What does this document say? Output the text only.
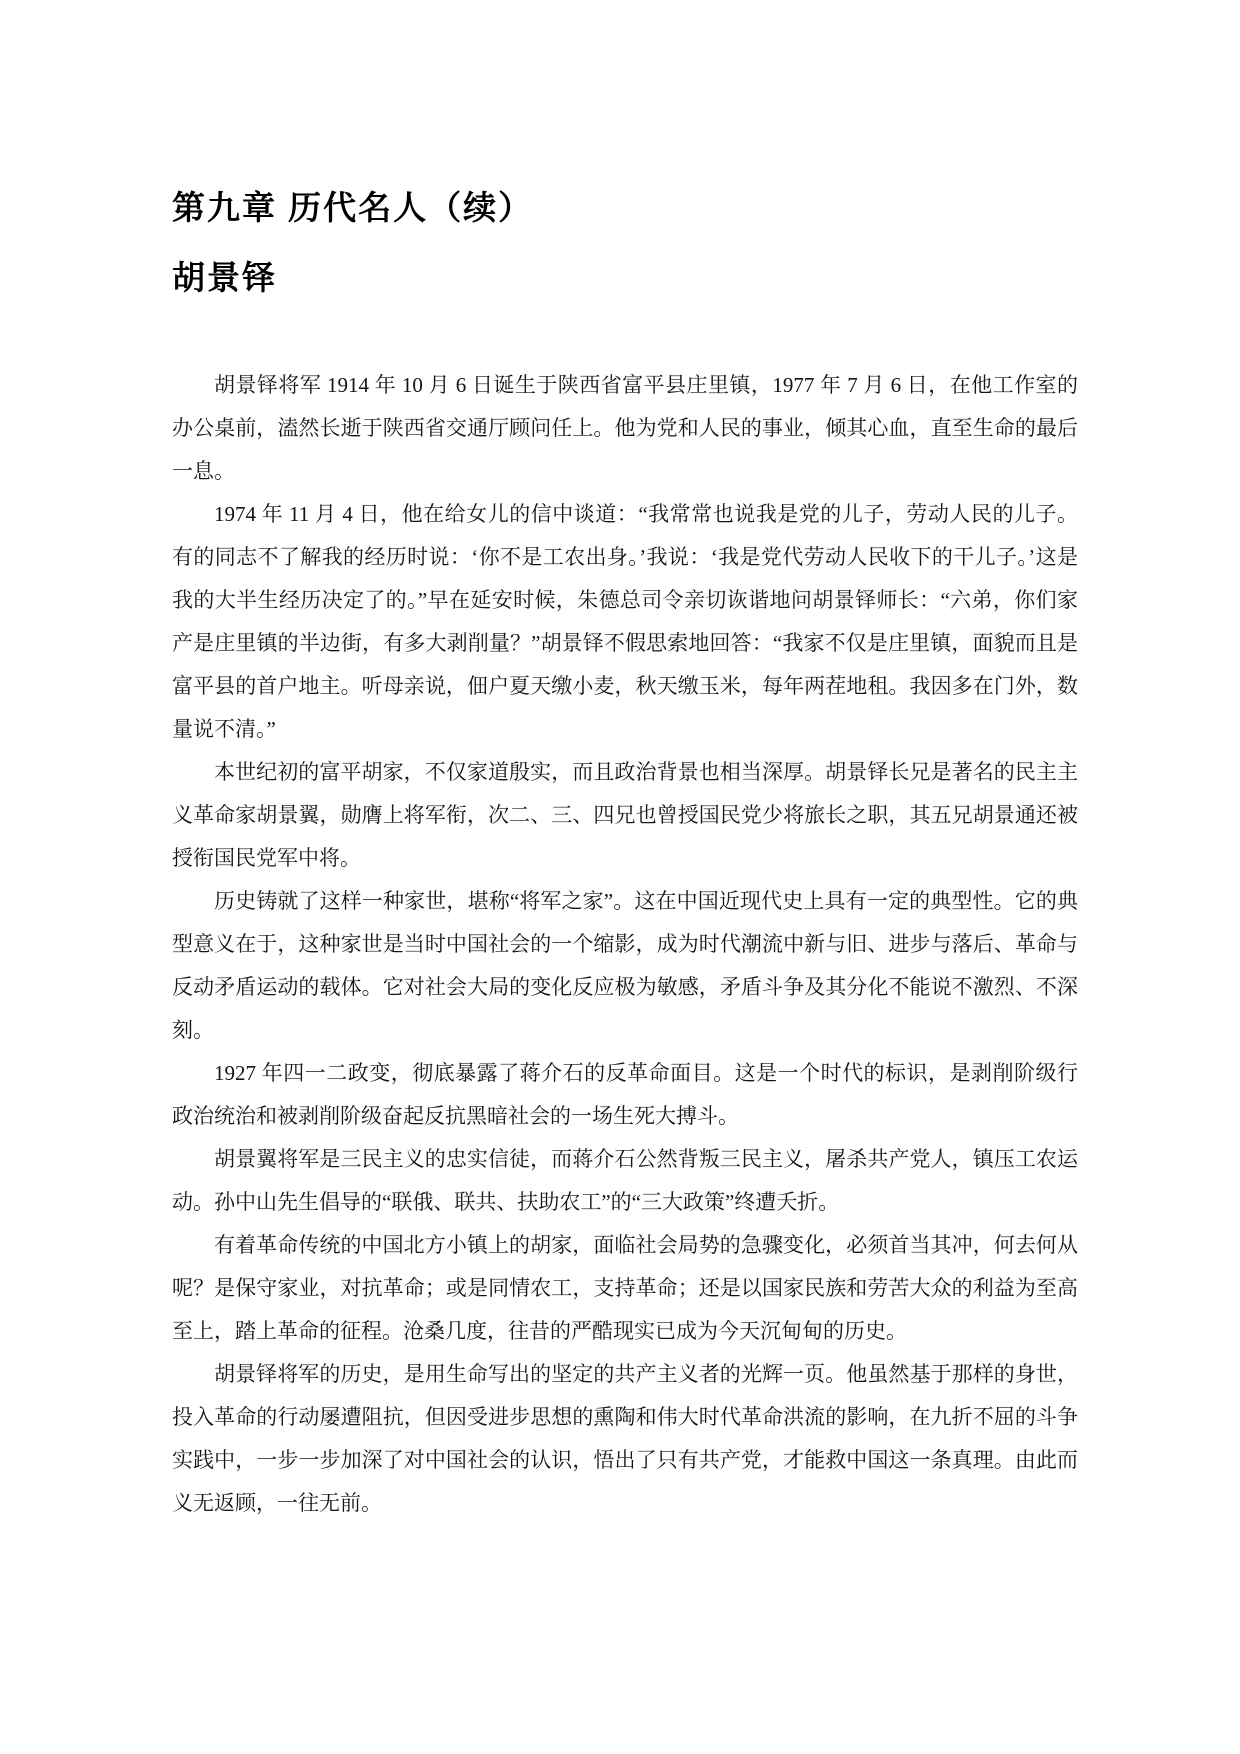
第九章 历代名人（续）
胡景铎

胡景铎将军 1914 年 10 月 6 日诞生于陕西省富平县庄里镇，1977 年 7 月 6 日，在他工作室的办公桌前，溘然长逝于陕西省交通厅顾问任上。他为党和人民的事业，倾其心血，直至生命的最后一息。

1974 年 11 月 4 日，他在给女儿的信中谈道：“我常常也说我是党的儿子，劳动人民的儿子。有的同志不了解我的经历时说：‘你不是工农出身。’我说：‘我是党代劳动人民收下的干儿子。’这是我的大半生经历决定了的。”早在延安时候，朱德总司令亲切诙谐地问胡景铎师长：“六弟，你们家产是庄里镇的半边街，有多大剥削量？”胡景铎不假思索地回答：“我家不仅是庄里镇，面貌而且是富平县的首户地主。听母亲说，佃户夏天缴小麦，秋天缴玉米，每年两茬地租。我因多在门外，数量说不清。”

本世纪初的富平胡家，不仅家道殷实，而且政治背景也相当深厚。胡景铎长兄是著名的民主主义革命家胡景翼，勋膺上将军衔，次二、三、四兄也曾授国民党少将旅长之职，其五兄胡景通还被授衔国民党军中将。

历史铸就了这样一种家世，堪称“将军之家”。这在中国近现代史上具有一定的典型性。它的典型意义在于，这种家世是当时中国社会的一个缩影，成为时代潮流中新与旧、进步与落后、革命与反动矛盾运动的载体。它对社会大局的变化反应极为敏感，矛盾斗争及其分化不能说不激烈、不深刻。

1927 年四一二政变，彻底暴露了蒋介石的反革命面目。这是一个时代的标识，是剥削阶级行政治统治和被剥削阶级奋起反抗黑暗社会的一场生死大搏斗。

胡景翼将军是三民主义的忠实信徒，而蒋介石公然背叛三民主义，屠杀共产党人，镇压工农运动。孙中山先生倡导的“联俄、联共、扶助农工”的“三大政策”终遭夭折。

有着革命传统的中国北方小镇上的胡家，面临社会局势的急骤变化，必须首当其冲，何去何从呢？是保守家业，对抗革命；或是同情农工，支持革命；还是以国家民族和劳苦大众的利益为至高至上，踏上革命的征程。沧桑几度，往昔的严酷现实已成为今天沉甸甸的历史。

胡景铎将军的历史，是用生命写出的坚定的共产主义者的光辉一页。他虽然基于那样的身世，投入革命的行动屡遭阻抗，但因受进步思想的熏陶和伟大时代革命洪流的影响，在九折不屈的斗争实践中，一步一步加深了对中国社会的认识，悟出了只有共产党，才能救中国这一条真理。由此而义无返顾，一往无前。
